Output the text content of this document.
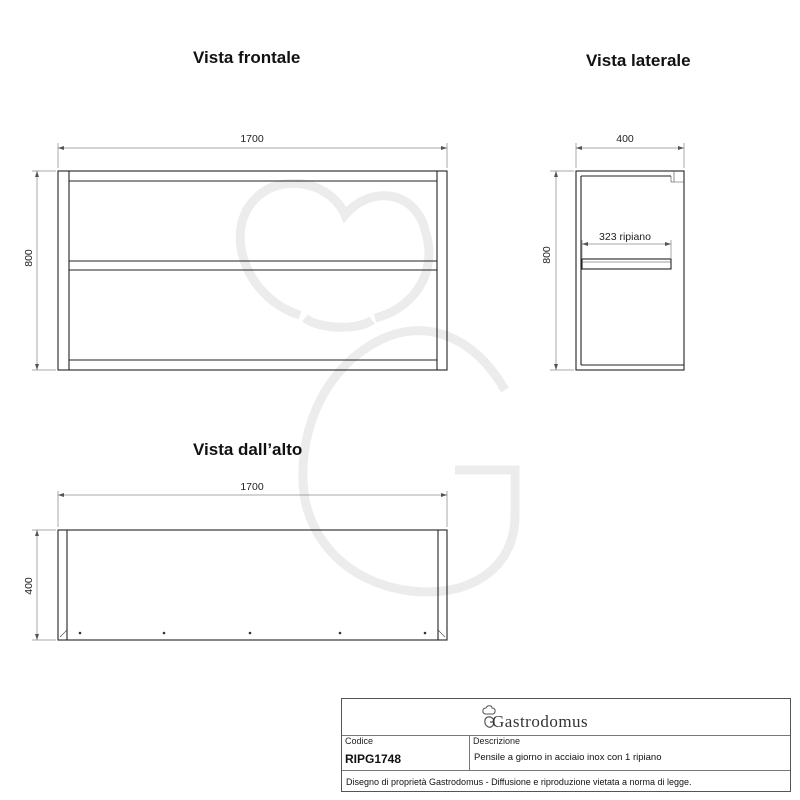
1700
800
400
800
323 ripiano
1700
400
Vista frontale	Vista laterale
Vista dall’alto
Gastrodomus
Codice
RIPG1748
Descrizione
Pensile a giorno in acciaio inox con 1 ripiano
Disegno di proprietà Gastrodomus - Diffusione e riproduzione vietata a norma di legge.
